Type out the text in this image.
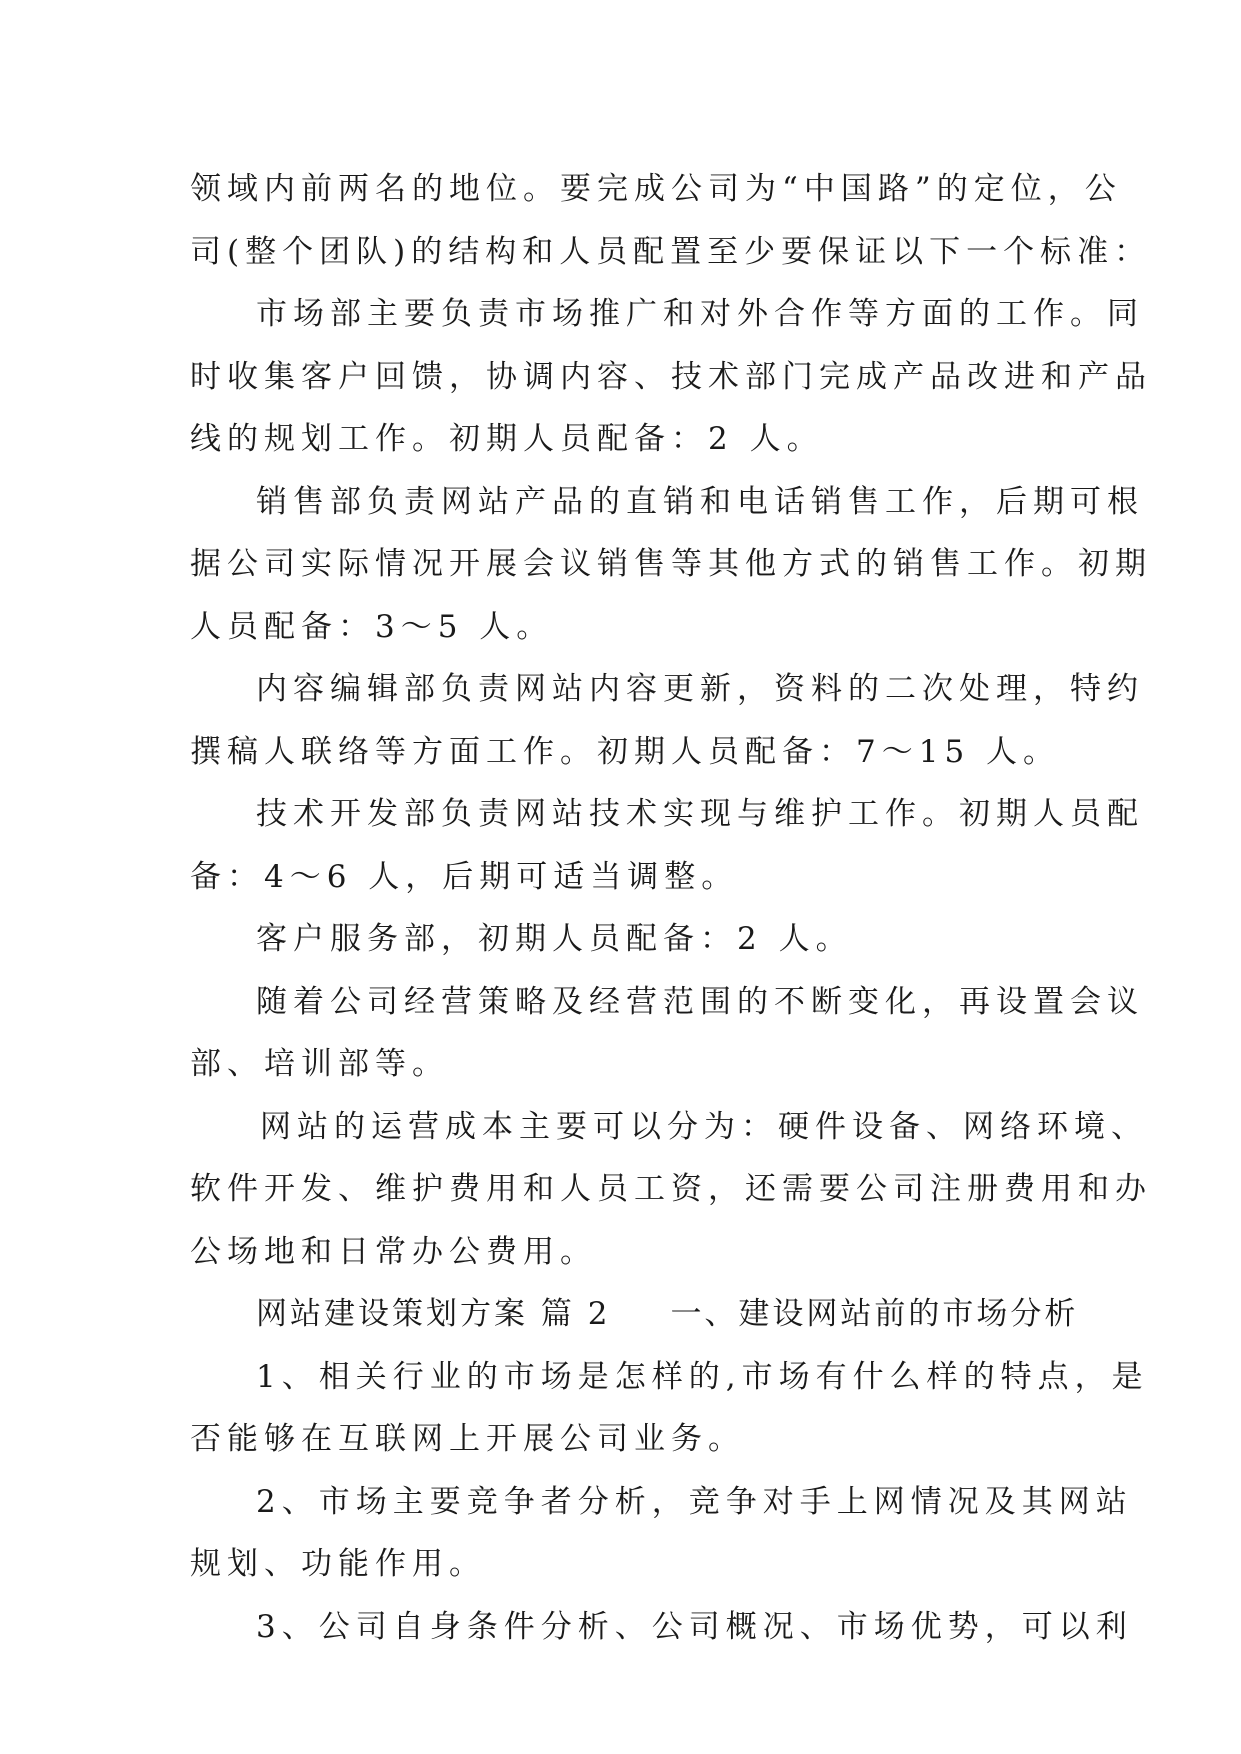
领域内前两名的地位。要完成公司为“中国路”的定位，公
司(整个团队)的结构和人员配置至少要保证以下一个标准：
市场部主要负责市场推广和对外合作等方面的工作。同
时收集客户回馈，协调内容、技术部门完成产品改进和产品
线的规划工作。初期人员配备：2 人。
销售部负责网站产品的直销和电话销售工作，后期可根
据公司实际情况开展会议销售等其他方式的销售工作。初期
人员配备：3～5 人。
内容编辑部负责网站内容更新，资料的二次处理，特约
撰稿人联络等方面工作。初期人员配备：7～15 人。
技术开发部负责网站技术实现与维护工作。初期人员配
备：4～6 人，后期可适当调整。
客户服务部，初期人员配备：2 人。
随着公司经营策略及经营范围的不断变化，再设置会议
部、培训部等。
网站的运营成本主要可以分为：硬件设备、网络环境、
软件开发、维护费用和人员工资，还需要公司注册费用和办
公场地和日常办公费用。
网站建设策划方案 篇 2 一、建设网站前的市场分析
1、相关行业的市场是怎样的,市场有什么样的特点，是
否能够在互联网上开展公司业务。
2、市场主要竞争者分析，竞争对手上网情况及其网站
规划、功能作用。
3、公司自身条件分析、公司概况、市场优势，可以利
